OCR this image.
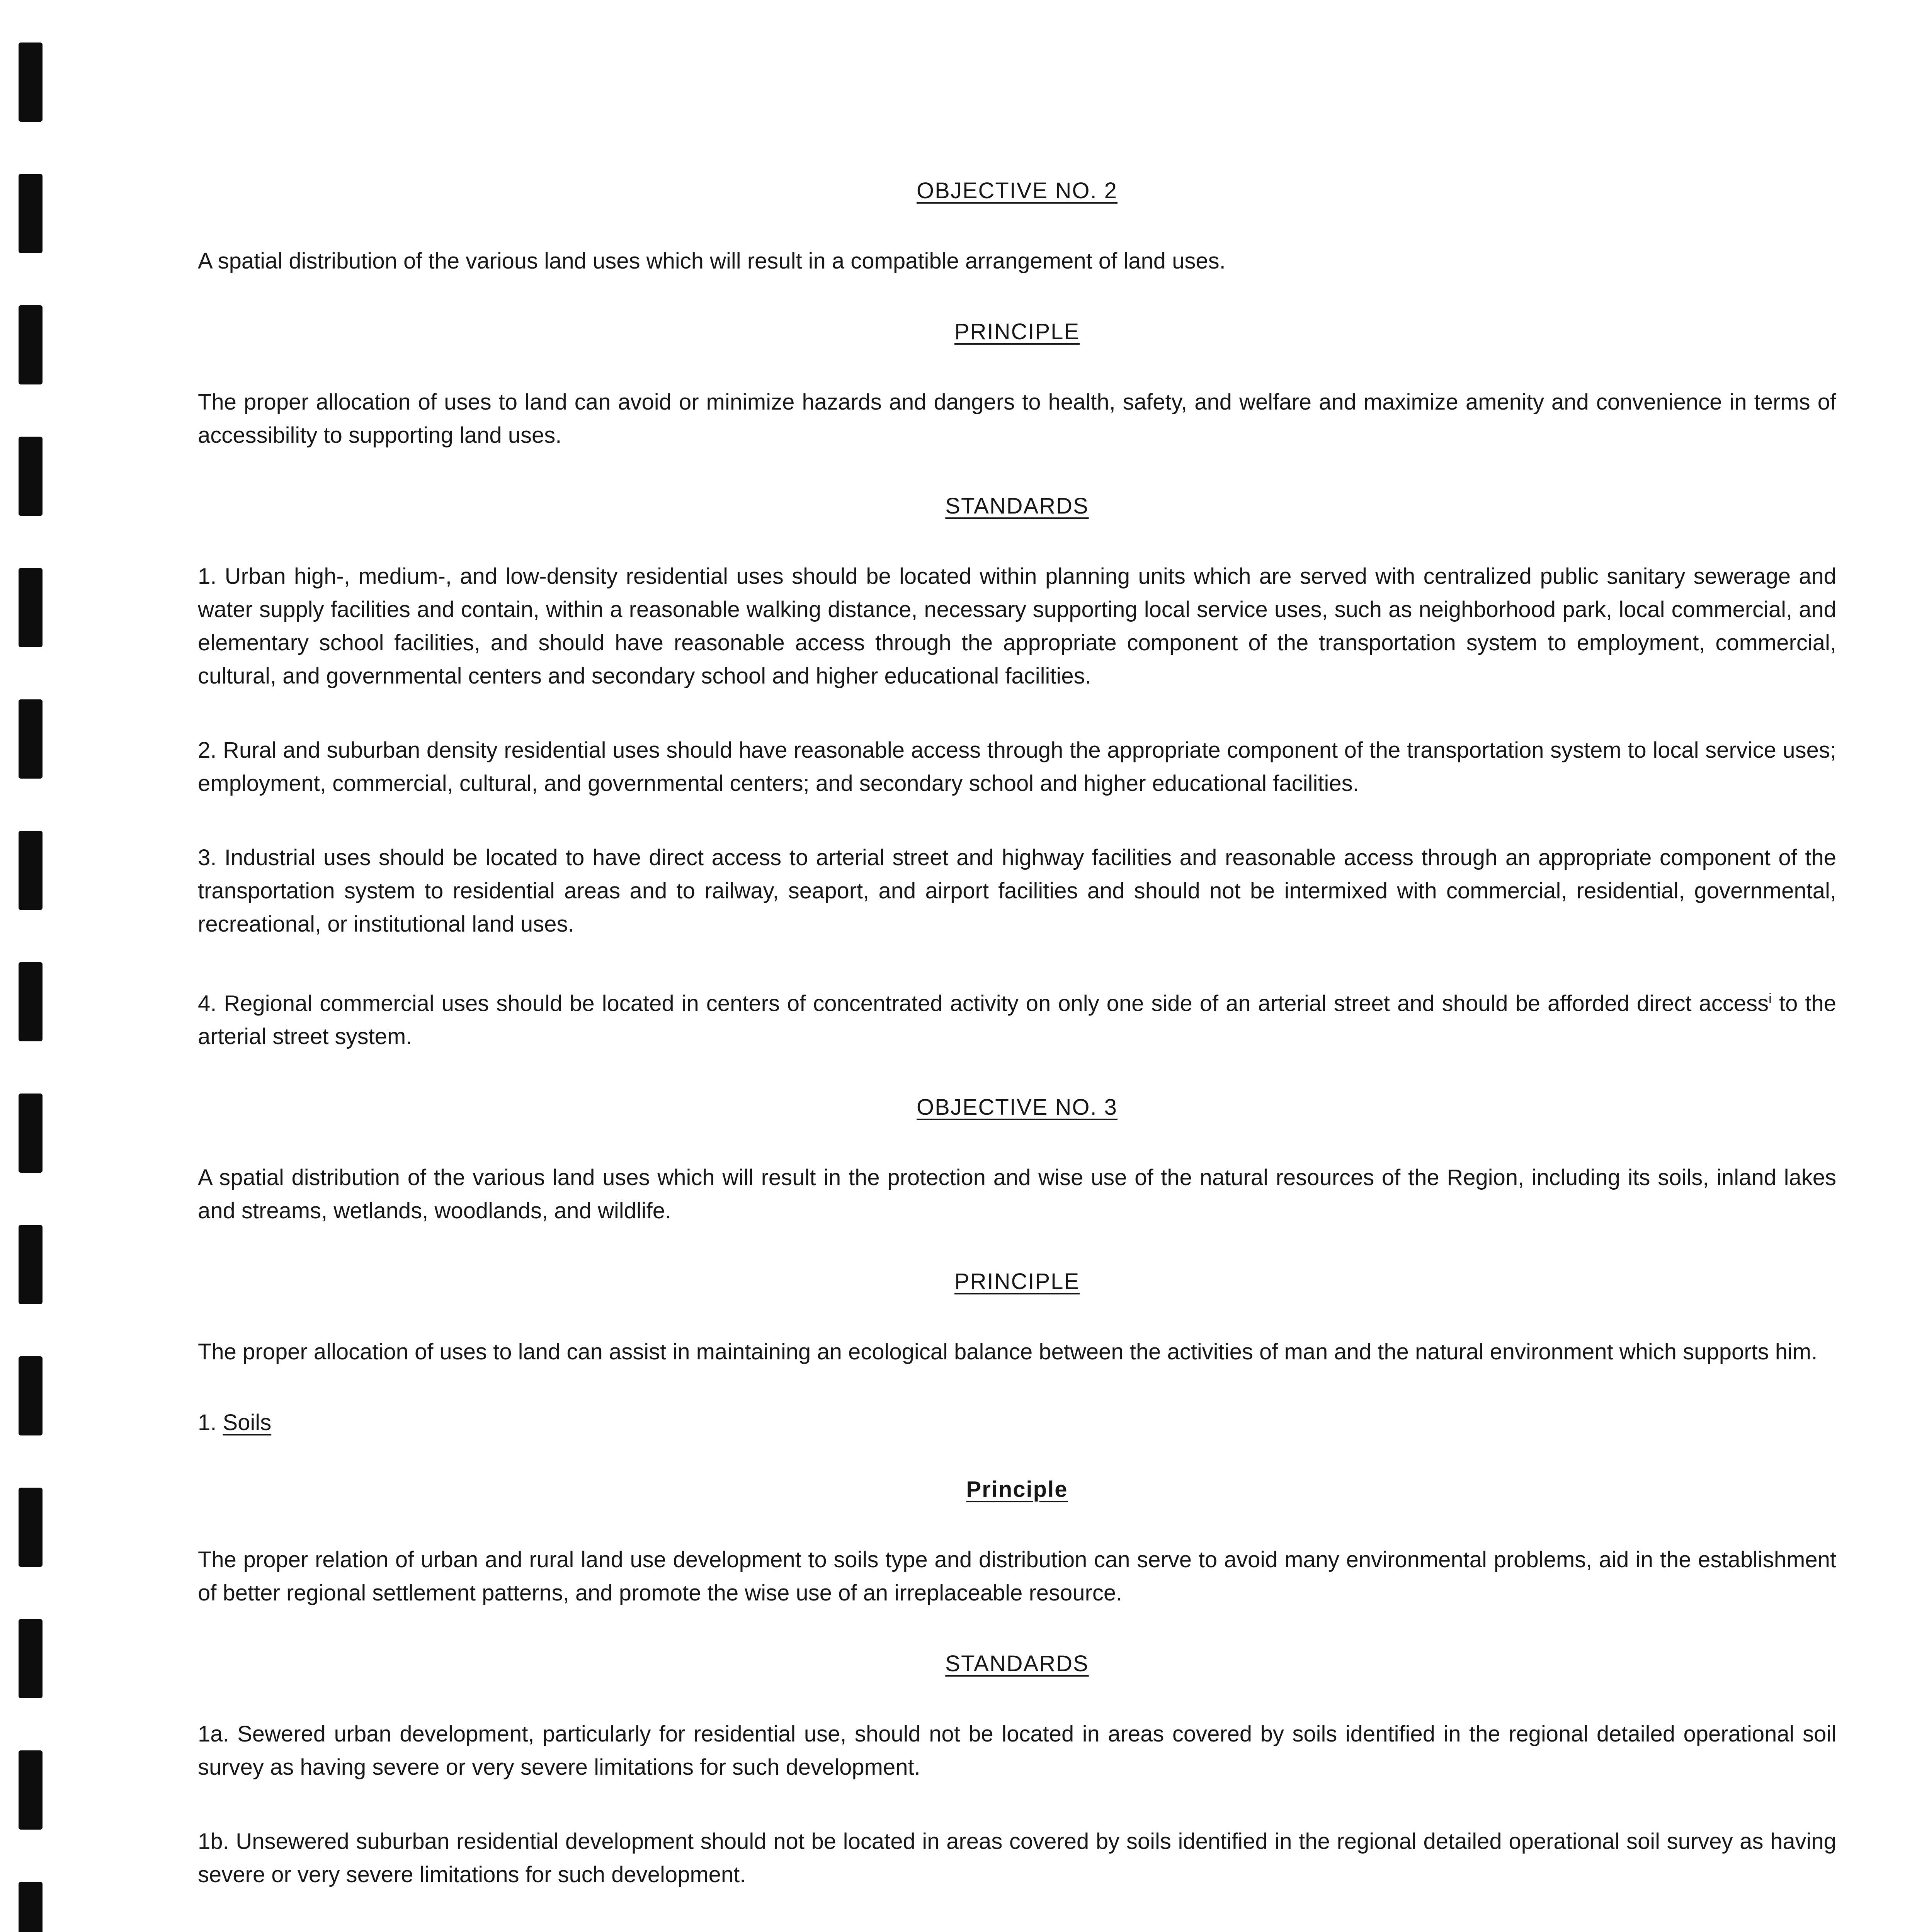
OBJECTIVE NO. 2

A spatial distribution of the various land uses which will result in a compatible arrangement of land uses.

PRINCIPLE

The proper allocation of uses to land can avoid or minimize hazards and dangers to health, safety, and welfare and maximize amenity and convenience in terms of accessibility to supporting land uses.

STANDARDS

1. Urban high-, medium-, and low-density residential uses should be located within planning units which are served with centralized public sanitary sewerage and water supply facilities and contain, within a reasonable walking distance, necessary supporting local service uses, such as neighborhood park, local commercial, and elementary school facilities, and should have reasonable access through the appropriate component of the transportation system to employment, commercial, cultural, and governmental centers and secondary school and higher educational facilities.

2. Rural and suburban density residential uses should have reasonable access through the appropriate component of the transportation system to local service uses; employment, commercial, cultural, and governmental centers; and secondary school and higher educational facilities.

3. Industrial uses should be located to have direct access to arterial street and highway facilities and reasonable access through an appropriate component of the transportation system to residential areas and to railway, seaport, and airport facilities and should not be intermixed with commercial, residential, governmental, recreational, or institutional land uses.

4. Regional commercial uses should be located in centers of concentrated activity on only one side of an arterial street and should be afforded direct access$^i$ to the arterial street system.

OBJECTIVE NO. 3

A spatial distribution of the various land uses which will result in the protection and wise use of the natural resources of the Region, including its soils, inland lakes and streams, wetlands, woodlands, and wildlife.

PRINCIPLE

The proper allocation of uses to land can assist in maintaining an ecological balance between the activities of man and the natural environment which supports him.

1. Soils

Principle

The proper relation of urban and rural land use development to soils type and distribution can serve to avoid many environmental problems, aid in the establishment of better regional settlement patterns, and promote the wise use of an irreplaceable resource.

STANDARDS

1a. Sewered urban development, particularly for residential use, should not be located in areas covered by soils identified in the regional detailed operational soil survey as having severe or very severe limitations for such development.

1b. Unsewered suburban residential development should not be located in areas covered by soils identified in the regional detailed operational soil survey as having severe or very severe limitations for such development.
